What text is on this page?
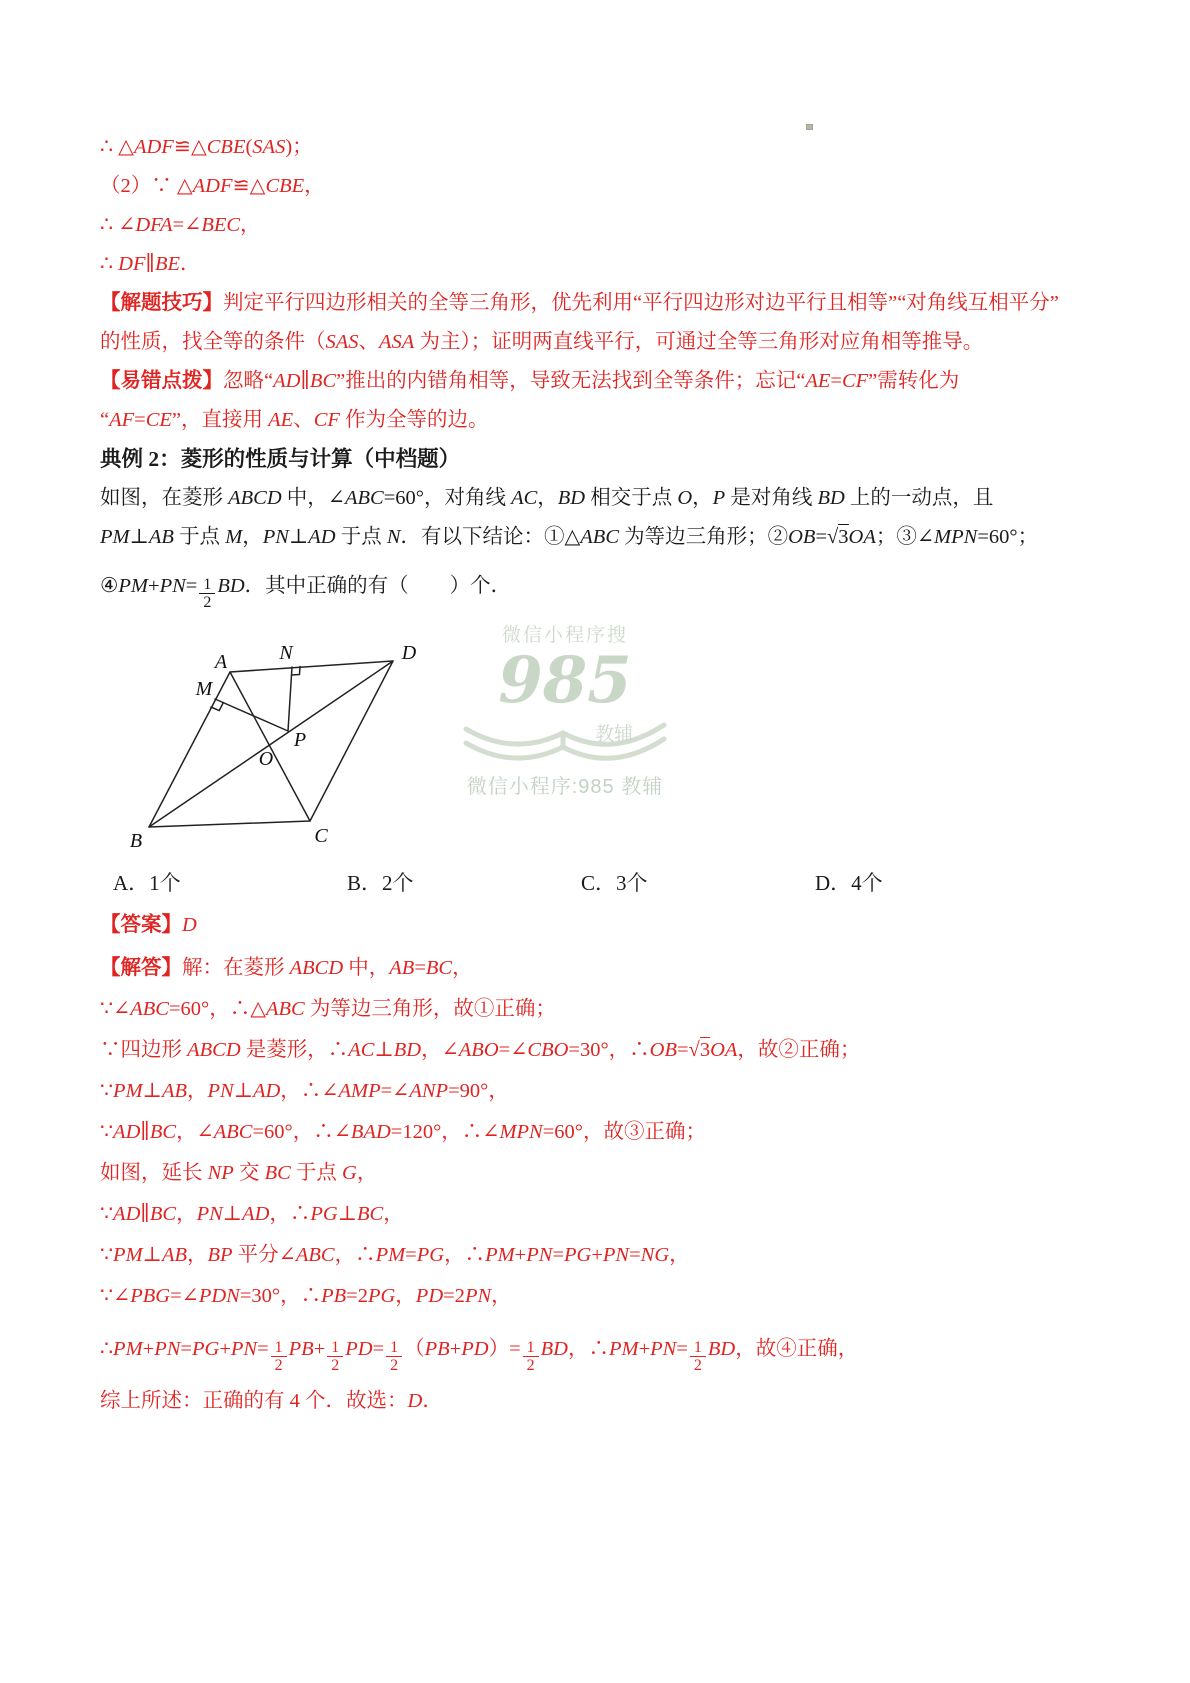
∴ △ADF≌△CBE(SAS)；
（2）∵ △ADF≌△CBE，
∴ ∠DFA=∠BEC，
∴ DF∥BE．
【解题技巧】判定平行四边形相关的全等三角形，优先利用“平行四边形对边平行且相等”“对角线互相平分”
的性质，找全等的条件（SAS、ASA 为主）；证明两直线平行，可通过全等三角形对应角相等推导。
【易错点拨】忽略“AD∥BC”推出的内错角相等，导致无法找到全等条件；忘记“AE=CF”需转化为
“AF=CE”，直接用 AE、CF 作为全等的边。
典例 2：菱形的性质与计算（中档题）
如图，在菱形 ABCD 中，∠ABC=60°，对角线 AC，BD 相交于点 O，P 是对角线 BD 上的一动点，且
PM⊥AB 于点 M，PN⊥AD 于点 N．有以下结论：①△ABC 为等边三角形；②OB=√3OA；③∠MPN=60°；
④PM+PN= $\frac{1}{2}$ BD．其中正确的有（　　）个．
A
B	C
D
M
N
O
P
微信小程序搜
985
教辅
微信小程序:985 教辅
A．1个	B．2个	C．3个	D．4个
【答案】D
【解答】解：在菱形 ABCD 中，AB=BC，
∵∠ABC=60°，∴△ABC 为等边三角形，故①正确；
∵四边形 ABCD 是菱形，∴AC⊥BD，∠ABO=∠CBO=30°，∴OB=√3OA，故②正确；
∵PM⊥AB，PN⊥AD，∴∠AMP=∠ANP=90°，
∵AD∥BC，∠ABC=60°，∴∠BAD=120°，∴∠MPN=60°，故③正确；
如图，延长 NP 交 BC 于点 G，
∵AD∥BC，PN⊥AD，∴PG⊥BC，
∵PM⊥AB，BP 平分∠ABC，∴PM=PG，∴PM+PN=PG+PN=NG，
∵∠PBG=∠PDN=30°，∴PB=2PG，PD=2PN，
∴PM+PN=PG+PN= $\frac{1}{2} PB+ \frac{1}{2} PD= \frac{1}{2} (PB+PD)= \frac{1}{2}$ BD，∴PM+PN= $\frac{1}{2}$ BD，故④正确，
综上所述：正确的有 4 个．故选：D．
